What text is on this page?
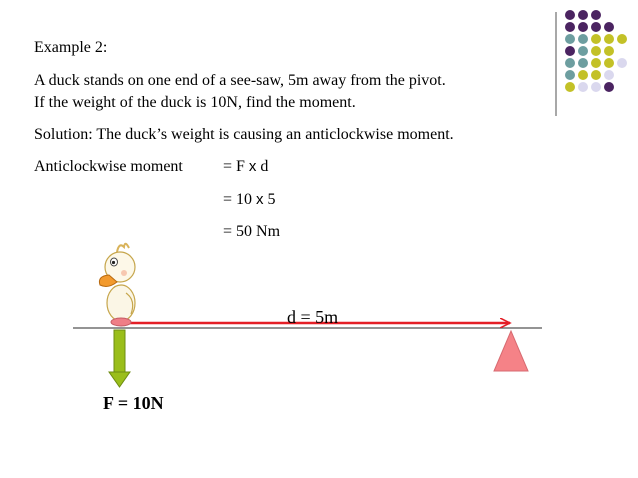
Example 2:
A duck stands on one end of a see-saw, 5m away from the pivot.
If the weight of the duck is 10N, find the moment.
Solution: The duck’s weight is causing an anticlockwise moment.
Anticlockwise moment	= F x d
= 10 x 5
= 50 Nm
d = 5m
F = 10N
